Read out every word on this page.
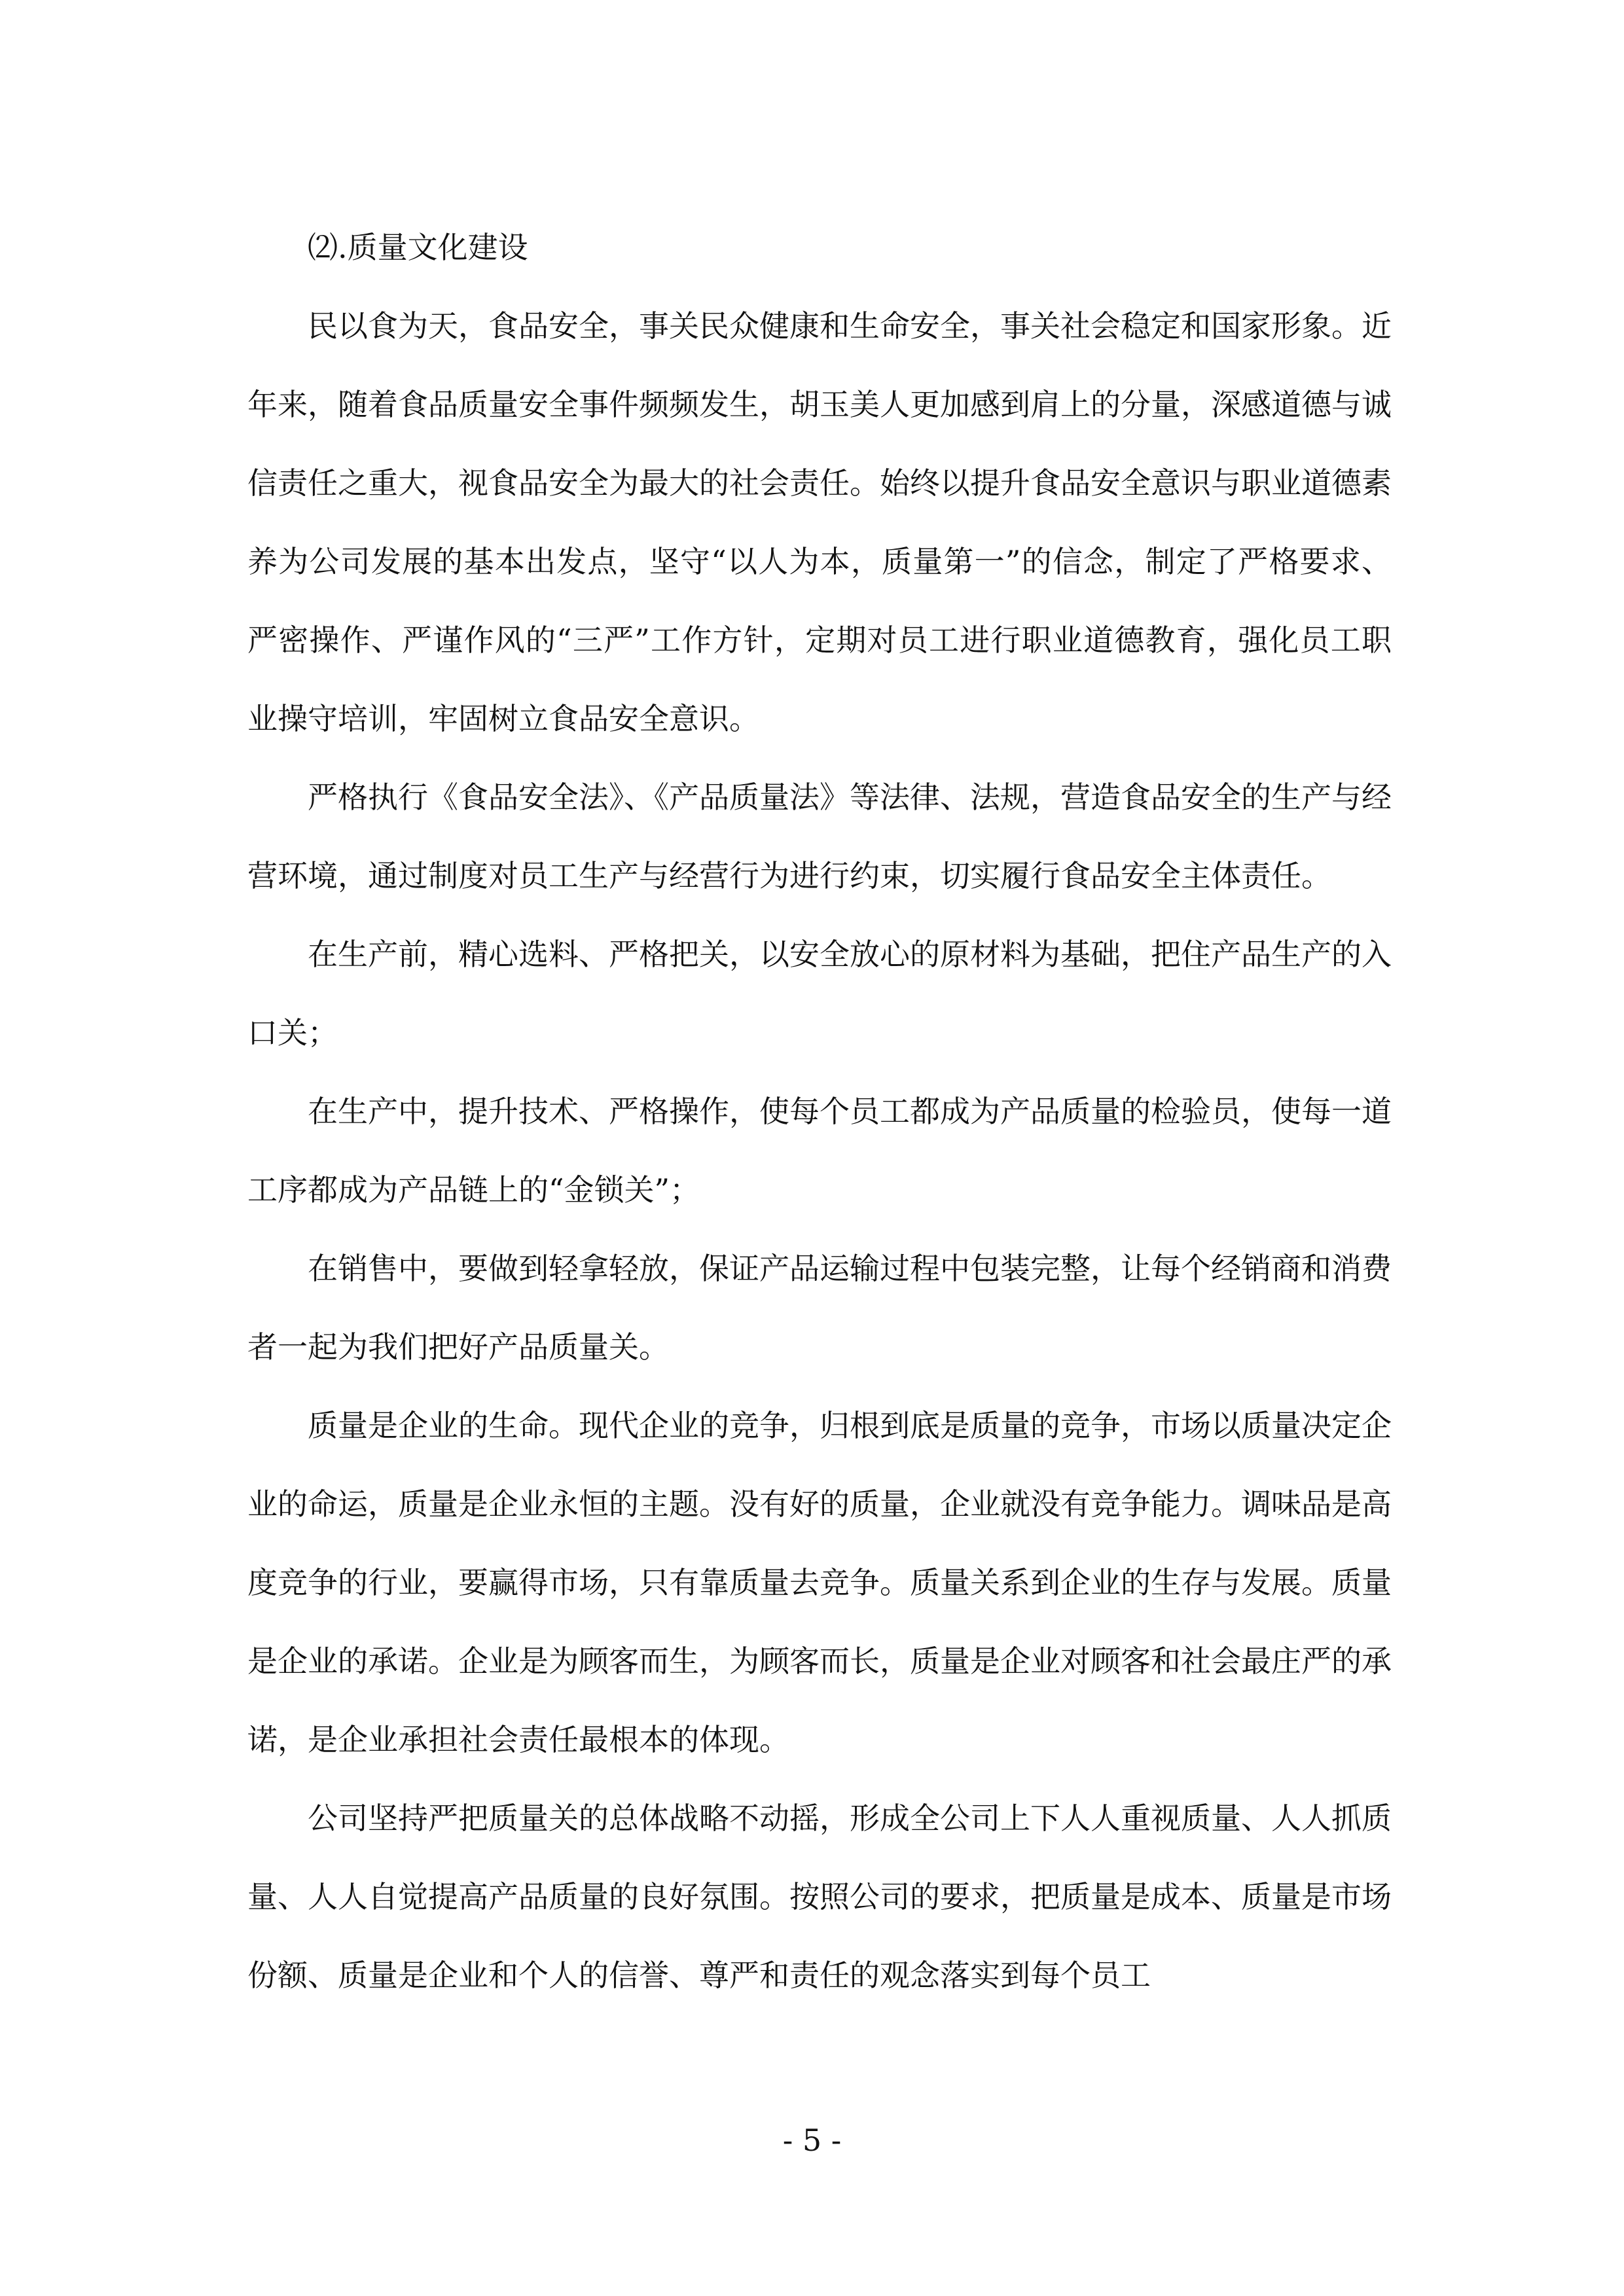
⑵.质量文化建设

民以食为天，食品安全，事关民众健康和生命安全，事关社会稳定和国家形象。近年来，随着食品质量安全事件频频发生，胡玉美人更加感到肩上的分量，深感道德与诚信责任之重大，视食品安全为最大的社会责任。始终以提升食品安全意识与职业道德素养为公司发展的基本出发点，坚守“以人为本，质量第一”的信念，制定了严格要求、严密操作、严谨作风的“三严”工作方针，定期对员工进行职业道德教育，强化员工职业操守培训，牢固树立食品安全意识。

严格执行《食品安全法》、《产品质量法》等法律、法规，营造食品安全的生产与经营环境，通过制度对员工生产与经营行为进行约束，切实履行食品安全主体责任。

在生产前，精心选料、严格把关，以安全放心的原材料为基础，把住产品生产的入口关；

在生产中，提升技术、严格操作，使每个员工都成为产品质量的检验员，使每一道工序都成为产品链上的“金锁关”；

在销售中，要做到轻拿轻放，保证产品运输过程中包装完整，让每个经销商和消费者一起为我们把好产品质量关。

质量是企业的生命。现代企业的竞争，归根到底是质量的竞争，市场以质量决定企业的命运，质量是企业永恒的主题。没有好的质量，企业就没有竞争能力。调味品是高度竞争的行业，要赢得市场，只有靠质量去竞争。质量关系到企业的生存与发展。质量是企业的承诺。企业是为顾客而生，为顾客而长，质量是企业对顾客和社会最庄严的承诺，是企业承担社会责任最根本的体现。

公司坚持严把质量关的总体战略不动摇，形成全公司上下人人重视质量、人人抓质量、人人自觉提高产品质量的良好氛围。按照公司的要求，把质量是成本、质量是市场份额、质量是企业和个人的信誉、尊严和责任的观念落实到每个员工

- 5 -
